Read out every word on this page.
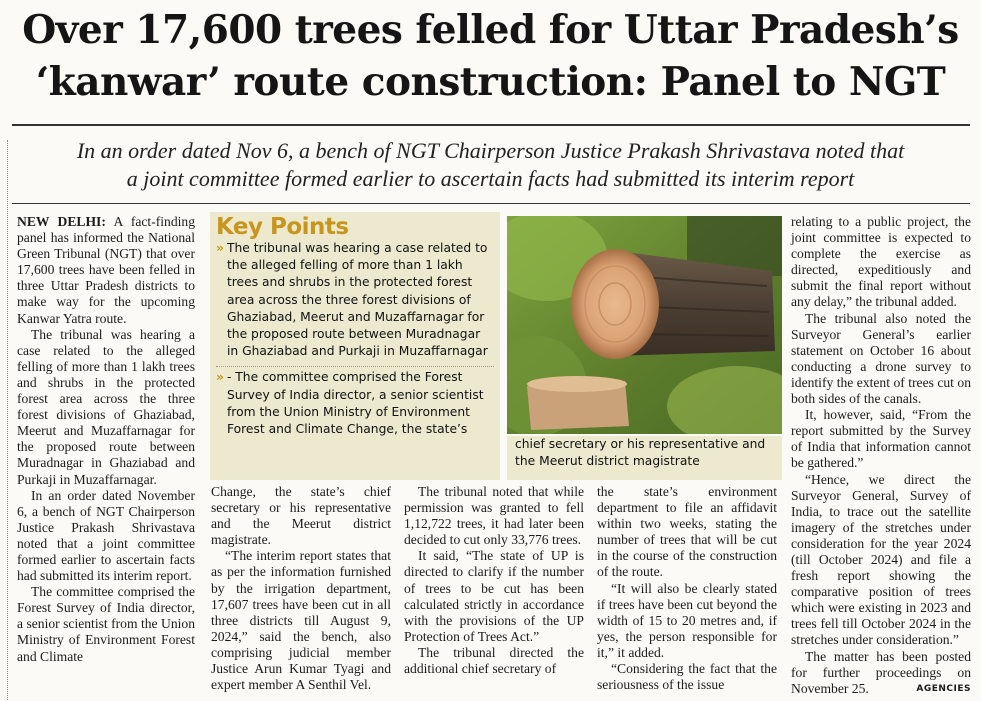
Over 17,600 trees felled for Uttar Pradesh’s
‘kanwar’ route construction: Panel to NGT
In an order dated Nov 6, a bench of NGT Chairperson Justice Prakash Shrivastava noted that
a joint committee formed earlier to ascertain facts had submitted its interim report

NEW DELHI: A fact-finding panel has informed the National Green Tribunal (NGT) that over 17,600 trees have been felled in three Uttar Pradesh districts to make way for the upcoming Kanwar Yatra route.

The tribunal was hearing a case related to the alleged felling of more than 1 lakh trees and shrubs in the protected forest area across the three forest divisions of Ghaziabad, Meerut and Muzaffarnagar for the proposed route between Muradnagar in Ghaziabad and Purkaji in Muzaffarnagar.

In an order dated November 6, a bench of NGT Chairperson Justice Prakash Shrivastava noted that a joint committee formed earlier to ascertain facts had submitted its interim report.

The committee comprised the Forest Survey of India director, a senior scientist from the Union Ministry of Environment Forest and Climate

Key Points
» The tribunal was hearing a case related to the alleged felling of more than 1 lakh trees and shrubs in the protected forest area across the three forest divisions of Ghaziabad, Meerut and Muzaffarnagar for the proposed route between Muradnagar in Ghaziabad and Purkaji in Muzaffarnagar
» - The committee comprised the Forest Survey of India director, a senior scientist from the Union Ministry of Environment Forest and Climate Change, the state’s
chief secretary or his representative and the Meerut district magistrate

Change, the state’s chief secretary or his representative and the Meerut district magistrate.

“The interim report states that as per the information furnished by the irrigation department, 17,607 trees have been cut in all three districts till August 9, 2024,” said the bench, also comprising judicial member Justice Arun Kumar Tyagi and expert member A Senthil Vel.

The tribunal noted that while permission was granted to fell 1,12,722 trees, it had later been decided to cut only 33,776 trees.

It said, “The state of UP is directed to clarify if the number of trees to be cut has been calculated strictly in accordance with the provisions of the UP Protection of Trees Act.”

The tribunal directed the additional chief secretary of

the state’s environment department to file an affidavit within two weeks, stating the number of trees that will be cut in the course of the construction of the route.

“It will also be clearly stated if trees have been cut beyond the width of 15 to 20 metres and, if yes, the person responsible for it,” it added.

“Considering the fact that the seriousness of the issue

relating to a public project, the joint committee is expected to complete the exercise as directed, expeditiously and submit the final report without any delay,” the tribunal added.

The tribunal also noted the Surveyor General’s earlier statement on October 16 about conducting a drone survey to identify the extent of trees cut on both sides of the canals.

It, however, said, “From the report submitted by the Survey of India that information cannot be gathered.”

“Hence, we direct the Surveyor General, Survey of India, to trace out the satellite imagery of the stretches under consideration for the year 2024 (till October 2024) and file a fresh report showing the comparative position of trees which were existing in 2023 and trees fell till October 2024 in the stretches under consideration.”

The matter has been posted for further proceedings on November 25.	AGENCIES
